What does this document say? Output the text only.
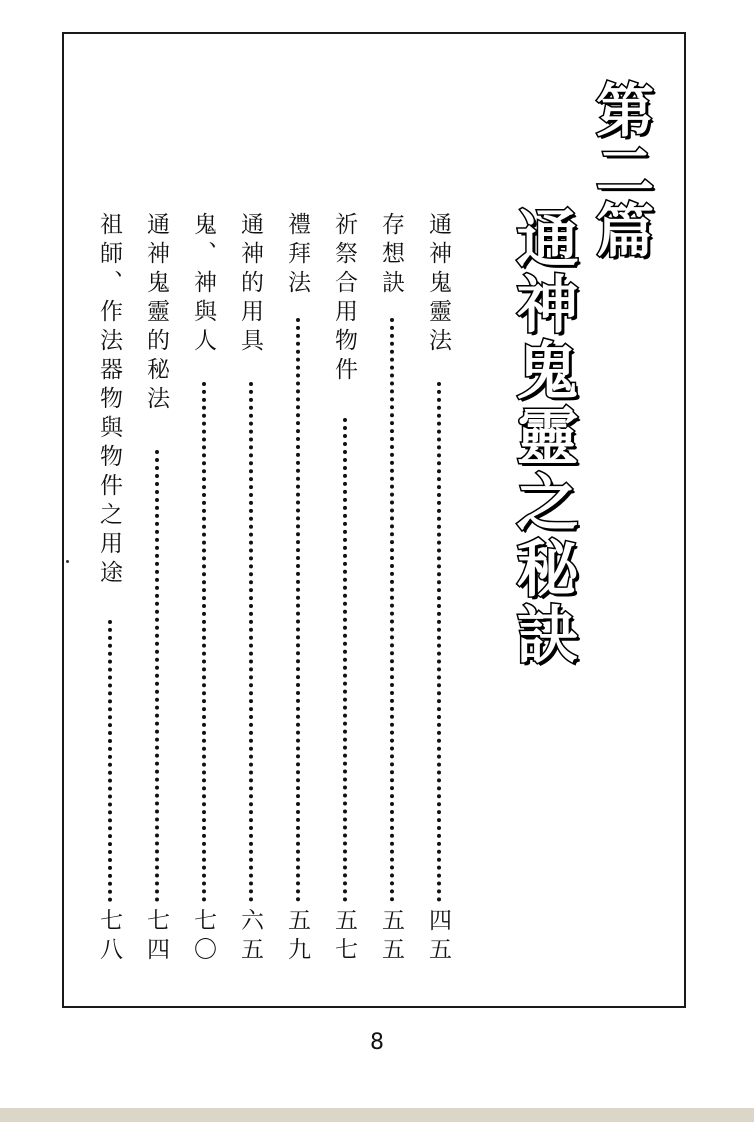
第二篇
通神鬼靈之秘訣
通神鬼靈法
四五
存想訣
五五
祈祭合用物件
五七
禮拜法
五九
通神的用具
六五
鬼、神與人
七〇
通神鬼靈的秘法
七四
祖師、作法器物與物件之用途
七八
8
